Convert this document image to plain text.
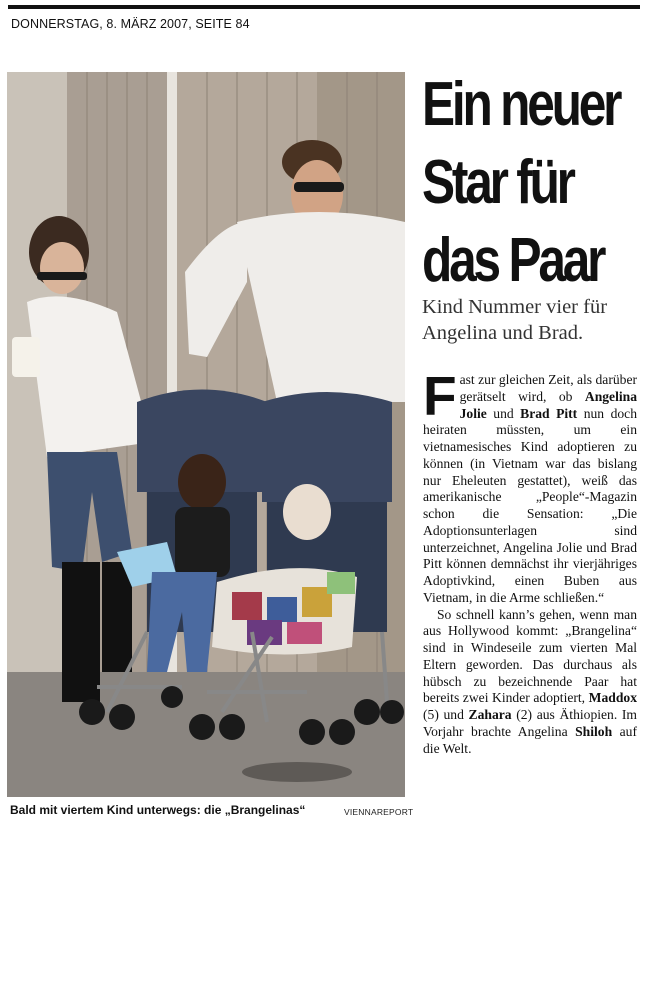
DONNERSTAG, 8. MÄRZ 2007, SEITE 84
Bald mit viertem Kind unterwegs: die „Brangelinas“	VIENNAREPORT
Ein neuer
Star für
das Paar
Kind Nummer vier für Angelina und Brad.

Fast zur gleichen Zeit, als darüber gerätselt wird, ob Angelina Jolie und Brad Pitt nun doch heiraten müssten, um ein vietnamesisches Kind adoptieren zu können (in Vietnam war das bislang nur Eheleuten gestattet), weiß das amerikanische „People“-Magazin schon die Sensation: „Die Adoptionsunterlagen sind unterzeichnet, Angelina Jolie und Brad Pitt können demnächst ihr vierjähriges Adoptivkind, einen Buben aus Vietnam, in die Arme schließen.“

So schnell kann’s gehen, wenn man aus Hollywood kommt: „Brangelina“ sind in Windeseile zum vierten Mal Eltern geworden. Das durchaus als hübsch zu bezeichnende Paar hat bereits zwei Kinder adoptiert, Maddox (5) und Zahara (2) aus Äthiopien. Im Vorjahr brachte Angelina Shiloh auf die Welt.
